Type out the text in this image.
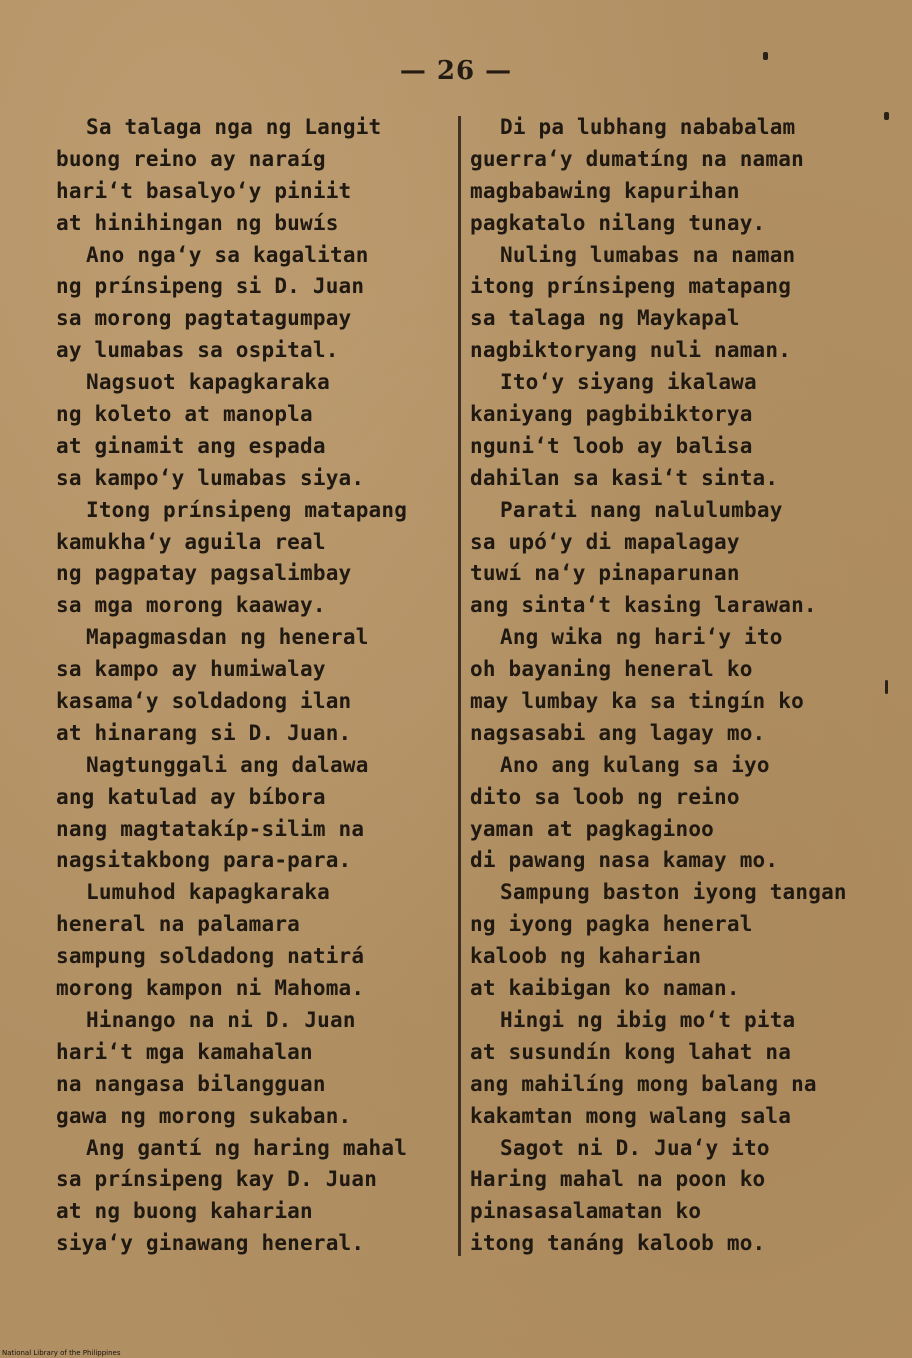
— 26 —
Sa talaga nga ng Langit
buong reino ay naraíg
hari‘t basalyo‘y piniit
at hinihingan ng buwís
Ano nga‘y sa kagalitan
ng prínsipeng si D. Juan
sa morong pagtatagumpay
ay lumabas sa ospital.
Nagsuot kapagkaraka
ng koleto at manopla
at ginamit ang espada
sa kampo‘y lumabas siya.
Itong prínsipeng matapang
kamukha‘y aguila real
ng pagpatay pagsalimbay
sa mga morong kaaway.
Mapagmasdan ng heneral
sa kampo ay humiwalay
kasama‘y soldadong ilan
at hinarang si D. Juan.
Nagtunggali ang dalawa
ang katulad ay bíbora
nang magtatakíp-silim na
nagsitakbong para-para.
Lumuhod kapagkaraka
heneral na palamara
sampung soldadong natirá
morong kampon ni Mahoma.
Hinango na ni D. Juan
hari‘t mga kamahalan
na nangasa bilangguan
gawa ng morong sukaban.
Ang gantí ng haring mahal
sa prínsipeng kay D. Juan
at ng buong kaharian
siya‘y ginawang heneral.
Di pa lubhang nababalam
guerra‘y dumatíng na naman
magbabawing kapurihan
pagkatalo nilang tunay.
Nuling lumabas na naman
itong prínsipeng matapang
sa talaga ng Maykapal
nagbiktoryang nuli naman.
Ito‘y siyang ikalawa
kaniyang pagbibiktorya
nguni‘t loob ay balisa
dahilan sa kasi‘t sinta.
Parati nang nalulumbay
sa upó‘y di mapalagay
tuwí na‘y pinaparunan
ang sinta‘t kasing larawan.
Ang wika ng hari‘y ito
oh bayaning heneral ko
may lumbay ka sa tingín ko
nagsasabi ang lagay mo.
Ano ang kulang sa iyo
dito sa loob ng reino
yaman at pagkaginoo
di pawang nasa kamay mo.
Sampung baston iyong tangan
ng iyong pagka heneral
kaloob ng kaharian
at kaibigan ko naman.
Hingi ng ibig mo‘t pita
at susundín kong lahat na
ang mahilíng mong balang na
kakamtan mong walang sala
Sagot ni D. Jua‘y ito
Haring mahal na poon ko
pinasasalamatan ko
itong tanáng kaloob mo.
National Library of the Philippines
